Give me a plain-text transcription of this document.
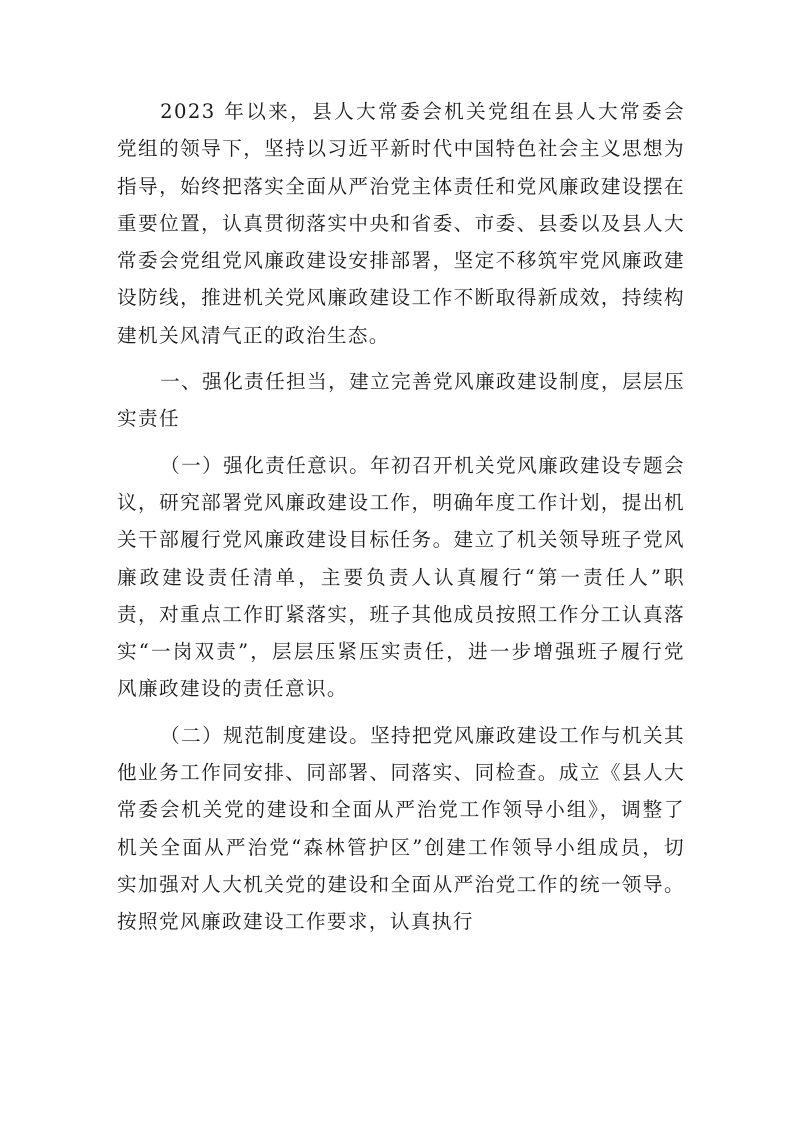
2023 年以来，县人大常委会机关党组在县人大常委会党组的领导下，坚持以习近平新时代中国特色社会主义思想为指导，始终把落实全面从严治党主体责任和党风廉政建设摆在重要位置，认真贯彻落实中央和省委、市委、县委以及县人大常委会党组党风廉政建设安排部署，坚定不移筑牢党风廉政建设防线，推进机关党风廉政建设工作不断取得新成效，持续构建机关风清气正的政治生态。

一、强化责任担当，建立完善党风廉政建设制度，层层压实责任

（一）强化责任意识。年初召开机关党风廉政建设专题会议，研究部署党风廉政建设工作，明确年度工作计划，提出机关干部履行党风廉政建设目标任务。建立了机关领导班子党风廉政建设责任清单，主要负责人认真履行“第一责任人”职责，对重点工作盯紧落实，班子其他成员按照工作分工认真落实“一岗双责”，层层压紧压实责任，进一步增强班子履行党风廉政建设的责任意识。

（二）规范制度建设。坚持把党风廉政建设工作与机关其他业务工作同安排、同部署、同落实、同检查。成立《县人大常委会机关党的建设和全面从严治党工作领导小组》，调整了机关全面从严治党“森林管护区”创建工作领导小组成员，切实加强对人大机关党的建设和全面从严治党工作的统一领导。按照党风廉政建设工作要求，认真执行
